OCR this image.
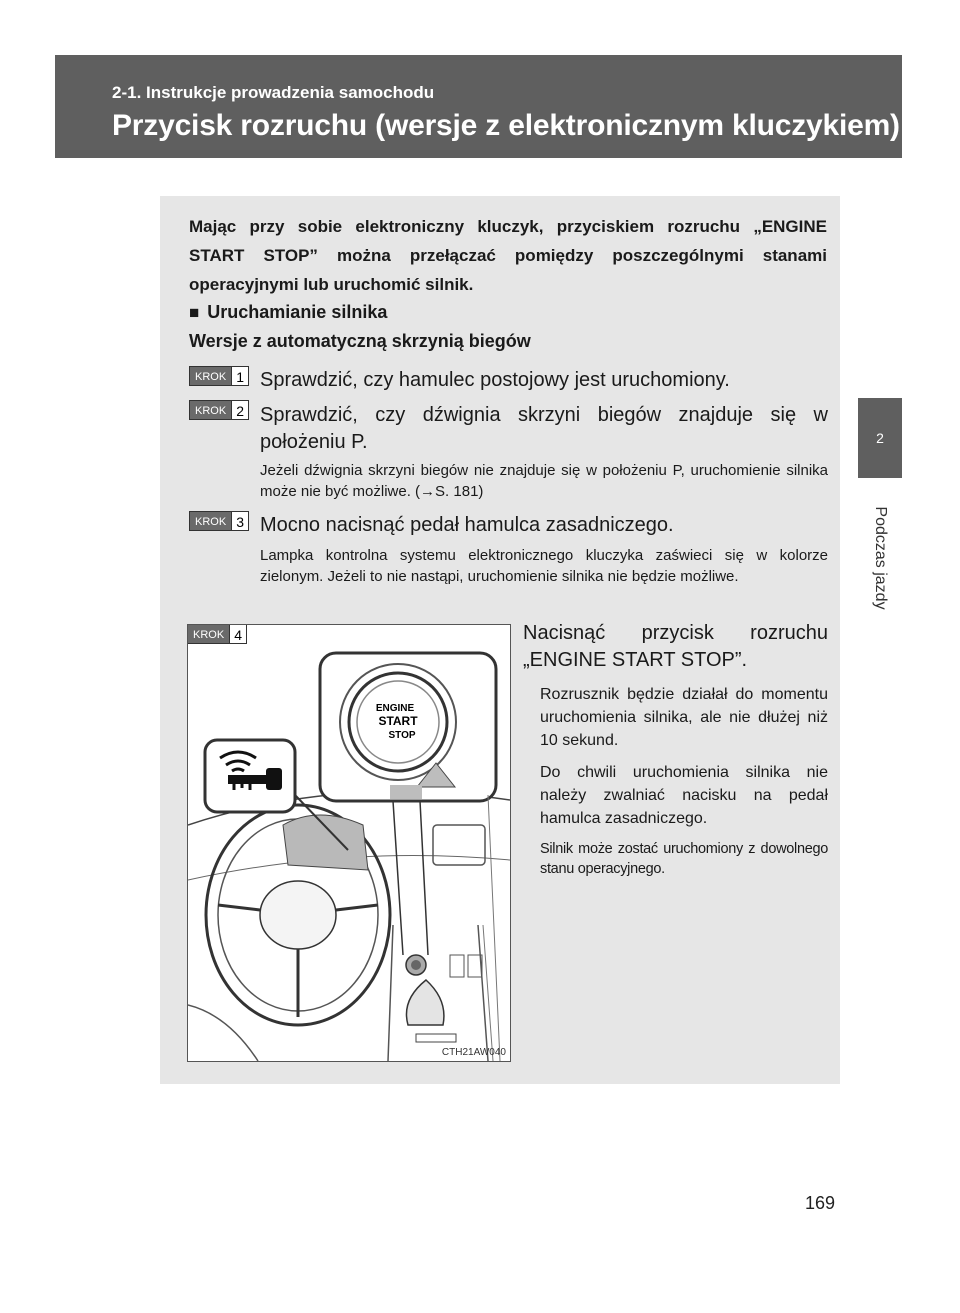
2-1. Instrukcje prowadzenia samochodu
Przycisk rozruchu (wersje z elektronicznym kluczykiem)
2
Podczas jazdy
Mając przy sobie elektroniczny kluczyk, przyciskiem rozruchu „ENGINE START STOP” można przełączać pomiędzy poszczególnymi stanami operacyjnymi lub uruchomić silnik.
■ Uruchamianie silnika
Wersje z automatyczną skrzynią biegów
KROK 1 Sprawdzić, czy hamulec postojowy jest uruchomiony.
KROK 2 Sprawdzić, czy dźwignia skrzyni biegów znajduje się w położeniu P.
Jeżeli dźwignia skrzyni biegów nie znajduje się w położeniu P, uruchomienie silnika może nie być możliwe. (→S. 181)
KROK 3 Mocno nacisnąć pedał hamulca zasadniczego.
Lampka kontrolna systemu elektronicznego kluczyka zaświeci się w kolorze zielonym. Jeżeli to nie nastąpi, uruchomienie silnika nie będzie możliwe.
KROK 4
ENGINE
START
STOP
CTH21AW040
Nacisnąć przycisk rozruchu „ENGINE START STOP”.
Rozrusznik będzie działał do momentu uruchomienia silnika, ale nie dłużej niż 10 sekund.
Do chwili uruchomienia silnika nie należy zwalniać nacisku na pedał hamulca zasadniczego.
Silnik może zostać uruchomiony z dowolnego stanu operacyjnego.
169
